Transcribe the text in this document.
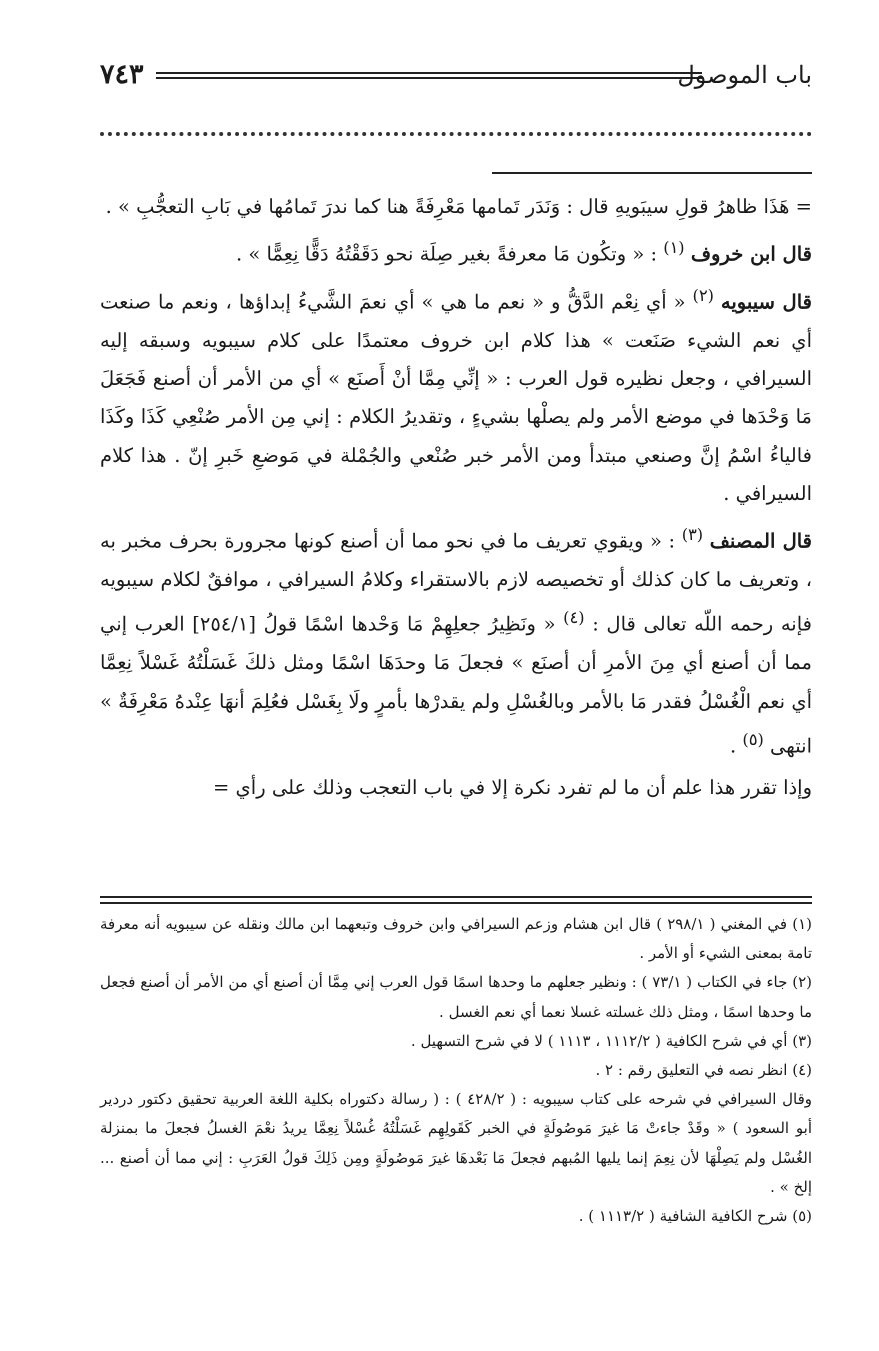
٧٤٣	باب الموصول

= هَذَا ظاهرُ قولِ سيبَويهِ قال : وَنَدَر تَمامها مَعْرِفَةً هنا كما ندرَ تَمامُها في بَابِ التعجُّبِ » .

قال ابن خروف $^{(١)}$ : « وتكُون مَا معرفةً بغير صِلَة نحو دَقَقْتُهُ دَقًّا نِعِمًّا » .

قال سيبويه $^{(٢)}$ « أي نِعْم الدَّقُّ و « نعم ما هي » أي نعمَ الشَّيءُ إبداؤها ، ونعم ما صنعت أي نعم الشيء صَنَعت » هذا كلام ابن خروف معتمدًا على كلام سيبويه وسبقه إليه السيرافي ، وجعل نظيره قول العرب : « إنِّي مِمَّا أنْ أَصنَع » أي من الأمر أن أصنع فَجَعَلَ مَا وَحْدَها في موضع الأمر ولم يصلْها بشيءٍ ، وتقديرُ الكلام : إني مِن الأمر صُنْعِي كَذَا وكَذَا فالياءُ اسْمُ إنَّ وصنعي مبتدأ ومن الأمر خبر صُنْعي والجُمْلة في مَوضعِ خَبرِ إنّ . هذا كلام السيرافي .

قال المصنف $^{(٣)}$ : « ويقوي تعريف ما في نحو مما أن أصنع كونها مجرورة بحرف مخبر به ، وتعريف ما كان كذلك أو تخصيصه لازم بالاستقراء وكلامُ السيرافي ، موافقٌ لكلام سيبويه فإنه رحمه اللّه تعالى قال : $^{(٤)}$ « ونَظِيرُ جعلِهِمْ مَا وَحْدها اسْمًا قولُ [٢٥٤/١] العرب إني مما أن أصنع أي مِنَ الأمرِ أن أصنَع » فجعلَ مَا وحدَهَا اسْمًا ومثل ذلكَ غَسَلْتُهُ غَسْلاً نِعِمَّا أي نعم الْغُسْلُ فقدر مَا بالأمر وبالغُسْلِ ولم يقدرْها بأمرٍ ولَا بِغَسْل فعُلِمَ أنهَا عِنْدهُ مَعْرِفَةٌ » انتهى $^{(٥)}$ .

وإذا تقرر هذا علم أن ما لم تفرد نكرة إلا في باب التعجب وذلك على رأي =

(١) في المغني ( ٢٩٨/١ ) قال ابن هشام وزعم السيرافي وابن خروف وتبعهما ابن مالك ونقله عن سيبويه أنه معرفة تامة بمعنى الشيء أو الأمر .

(٢) جاء في الكتاب ( ٧٣/١ ) : ونظير جعلهم ما وحدها اسمًا قول العرب إني مِمَّا أن أصنع أي من الأمر أن أصنع فجعل ما وحدها اسمًا ، ومثل ذلك غسلته غسلا نعما أي نعم الغسل .

(٣) أي في شرح الكافية ( ١١١٢/٢ ، ١١١٣ ) لا في شرح التسهيل .

(٤) انظر نصه في التعليق رقم : ٢ .

وقال السيرافي في شرحه على كتاب سيبويه : ( ٤٢٨/٢ ) : ( رسالة دكتوراه بكلية اللغة العربية تحقيق دكتور دردير أبو السعود ) « وقَدْ جاءتْ مَا غيرَ مَوصُولَةٍ في الخبر كَقَولِهِم غَسَلْتُهُ غُسْلاً نِعِمَّا يريدُ نعْمَ الغسلُ فجعلَ ما بمنزلة الغُسْل ولم يَصِلْهَا لأن نِعِمَ إنما يليها المُبهم فجعلَ مَا بَعْدهَا غيرَ مَوصُولَةٍ ومِن ذَلِكَ قولُ العَرَبِ : إني مما أن أصنع ... إلخ » .

(٥) شرح الكافية الشافية ( ١١١٣/٢ ) .
